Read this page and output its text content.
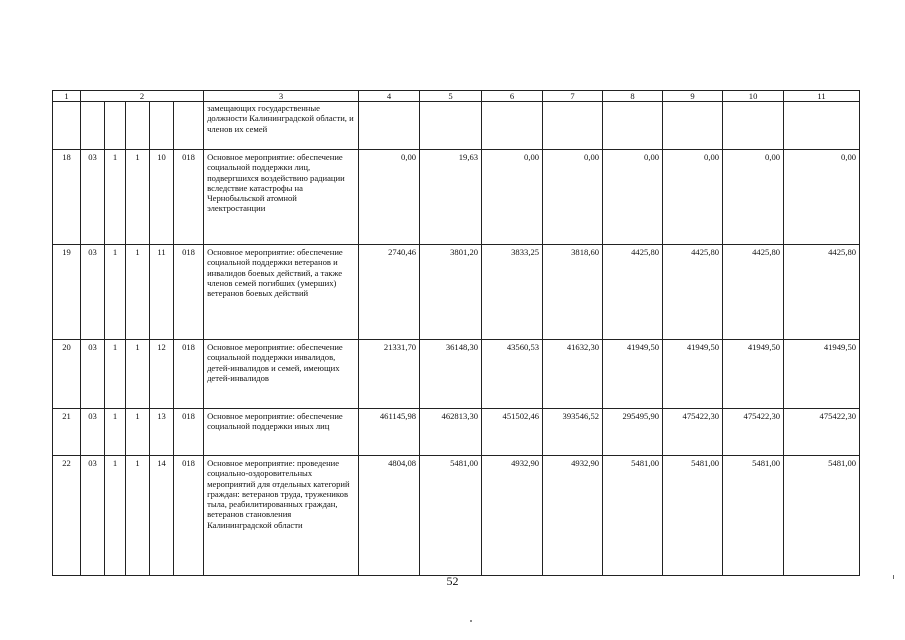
1	2					3	4	5	6	7	8	9	10	11
						замещающих государственные должности Калининградской области, и членов их семей								
18	03	1	1	10	018	Основное мероприятие: обеспечение социальной поддержки лиц, подвергшихся воздействию радиации вследствие катастрофы на Чернобыльской атомной электростанции	0,00	19,63	0,00	0,00	0,00	0,00	0,00	0,00
19	03	1	1	11	018	Основное мероприятие: обеспечение социальной поддержки ветеранов и инвалидов боевых действий, а также членов семей погибших (умерших) ветеранов боевых действий	2740,46	3801,20	3833,25	3818,60	4425,80	4425,80	4425,80	4425,80
20	03	1	1	12	018	Основное мероприятие: обеспечение социальной поддержки инвалидов, детей-инвалидов и семей, имеющих детей-инвалидов	21331,70	36148,30	43560,53	41632,30	41949,50	41949,50	41949,50	41949,50
21	03	1	1	13	018	Основное мероприятие: обеспечение социальной поддержки иных лиц	461145,98	462813,30	451502,46	393546,52	295495,90	475422,30	475422,30	475422,30
22	03	1	1	14	018	Основное мероприятие: проведение социально-оздоровительных мероприятий для отдельных категорий граждан: ветеранов труда, тружеников тыла, реабилитированных граждан, ветеранов становления Калининградской области	4804,08	5481,00	4932,90	4932,90	5481,00	5481,00	5481,00	5481,00
52
